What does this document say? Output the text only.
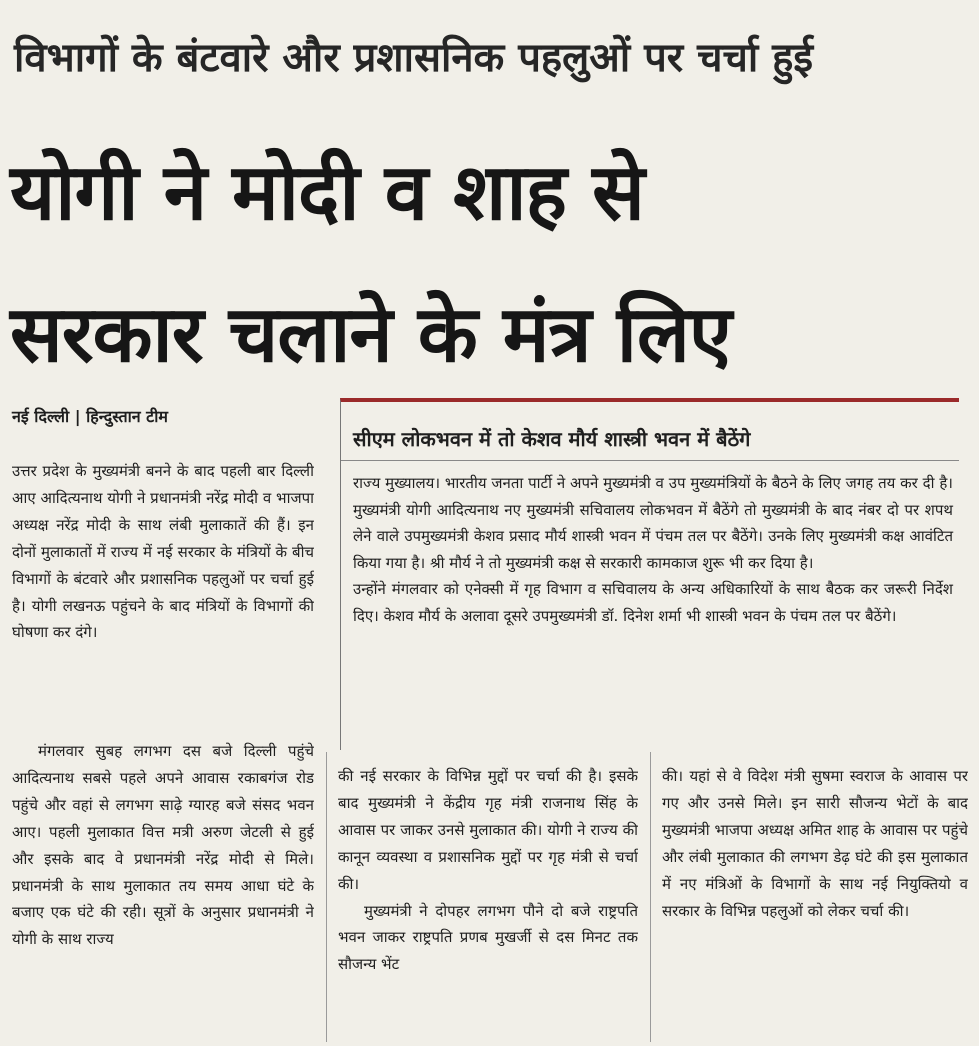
विभागों के बंटवारे और प्रशासनिक पहलुओं पर चर्चा हुई
योगी ने मोदी व शाह से
सरकार चलाने के मंत्र लिए
नई दिल्ली | हिन्दुस्तान टीम

उत्तर प्रदेश के मुख्यमंत्री बनने के बाद पहली बार दिल्ली आए आदित्यनाथ योगी ने प्रधानमंत्री नरेंद्र मोदी व भाजपा अध्यक्ष नरेंद्र मोदी के साथ लंबी मुलाकातें की हैं। इन दोनों मुलाकातों में राज्य में नई सरकार के मंत्रियों के बीच विभागों के बंटवारे और प्रशासनिक पहलुओं पर चर्चा हुई है। योगी लखनऊ पहुंचने के बाद मंत्रियों के विभागों की घोषणा कर दंगे।

मंगलवार सुबह लगभग दस बजे दिल्ली पहुंचे आदित्यनाथ सबसे पहले अपने आवास रकाबगंज रोड पहुंचे और वहां से लगभग साढ़े ग्यारह बजे संसद भवन आए। पहली मुलाकात वित्त मत्री अरुण जेटली से हुई और इसके बाद वे प्रधानमंत्री नरेंद्र मोदी से मिले। प्रधानमंत्री के साथ मुलाकात तय समय आधा घंटे के बजाए एक घंटे की रही। सूत्रों के अनुसार प्रधानमंत्री ने योगी के साथ राज्य

की नई सरकार के विभिन्न मुद्दों पर चर्चा की है। इसके बाद मुख्यमंत्री ने केंद्रीय गृह मंत्री राजनाथ सिंह के आवास पर जाकर उनसे मुलाकात की। योगी ने राज्य की कानून व्यवस्था व प्रशासनिक मुद्दों पर गृह मंत्री से चर्चा की।

मुख्यमंत्री ने दोपहर लगभग पौने दो बजे राष्ट्रपति भवन जाकर राष्ट्रपति प्रणब मुखर्जी से दस मिनट तक सौजन्य भेंट

की। यहां से वे विदेश मंत्री सुषमा स्वराज के आवास पर गए और उनसे मिले। इन सारी सौजन्य भेटों के बाद मुख्यमंत्री भाजपा अध्यक्ष अमित शाह के आवास पर पहुंचे और लंबी मुलाकात की लगभग डेढ़ घंटे की इस मुलाकात में नए मंत्रिओं के विभागों के साथ नई नियुक्तियो व सरकार के विभिन्न पहलुओं को लेकर चर्चा की।

सीएम लोकभवन में तो केशव मौर्य शास्त्री भवन में बैठेंगे

राज्य मुख्यालय। भारतीय जनता पार्टी ने अपने मुख्यमंत्री व उप मुख्यमंत्रियों के बैठने के लिए जगह तय कर दी है। मुख्यमंत्री योगी आदित्यनाथ नए मुख्यमंत्री सचिवालय लोकभवन में बैठेंगे तो मुख्यमंत्री के बाद नंबर दो पर शपथ लेने वाले उपमुख्यमंत्री केशव प्रसाद मौर्य शास्त्री भवन में पंचम तल पर बैठेंगे। उनके लिए मुख्यमंत्री कक्ष आवंटित किया गया है। श्री मौर्य ने तो मुख्यमंत्री कक्ष से सरकारी कामकाज शुरू भी कर दिया है।

उन्होंने मंगलवार को एनेक्सी में गृह विभाग व सचिवालय के अन्य अधिकारियों के साथ बैठक कर जरूरी निर्देश दिए। केशव मौर्य के अलावा दूसरे उपमुख्यमंत्री डॉ. दिनेश शर्मा भी शास्त्री भवन के पंचम तल पर बैठेंगे।
